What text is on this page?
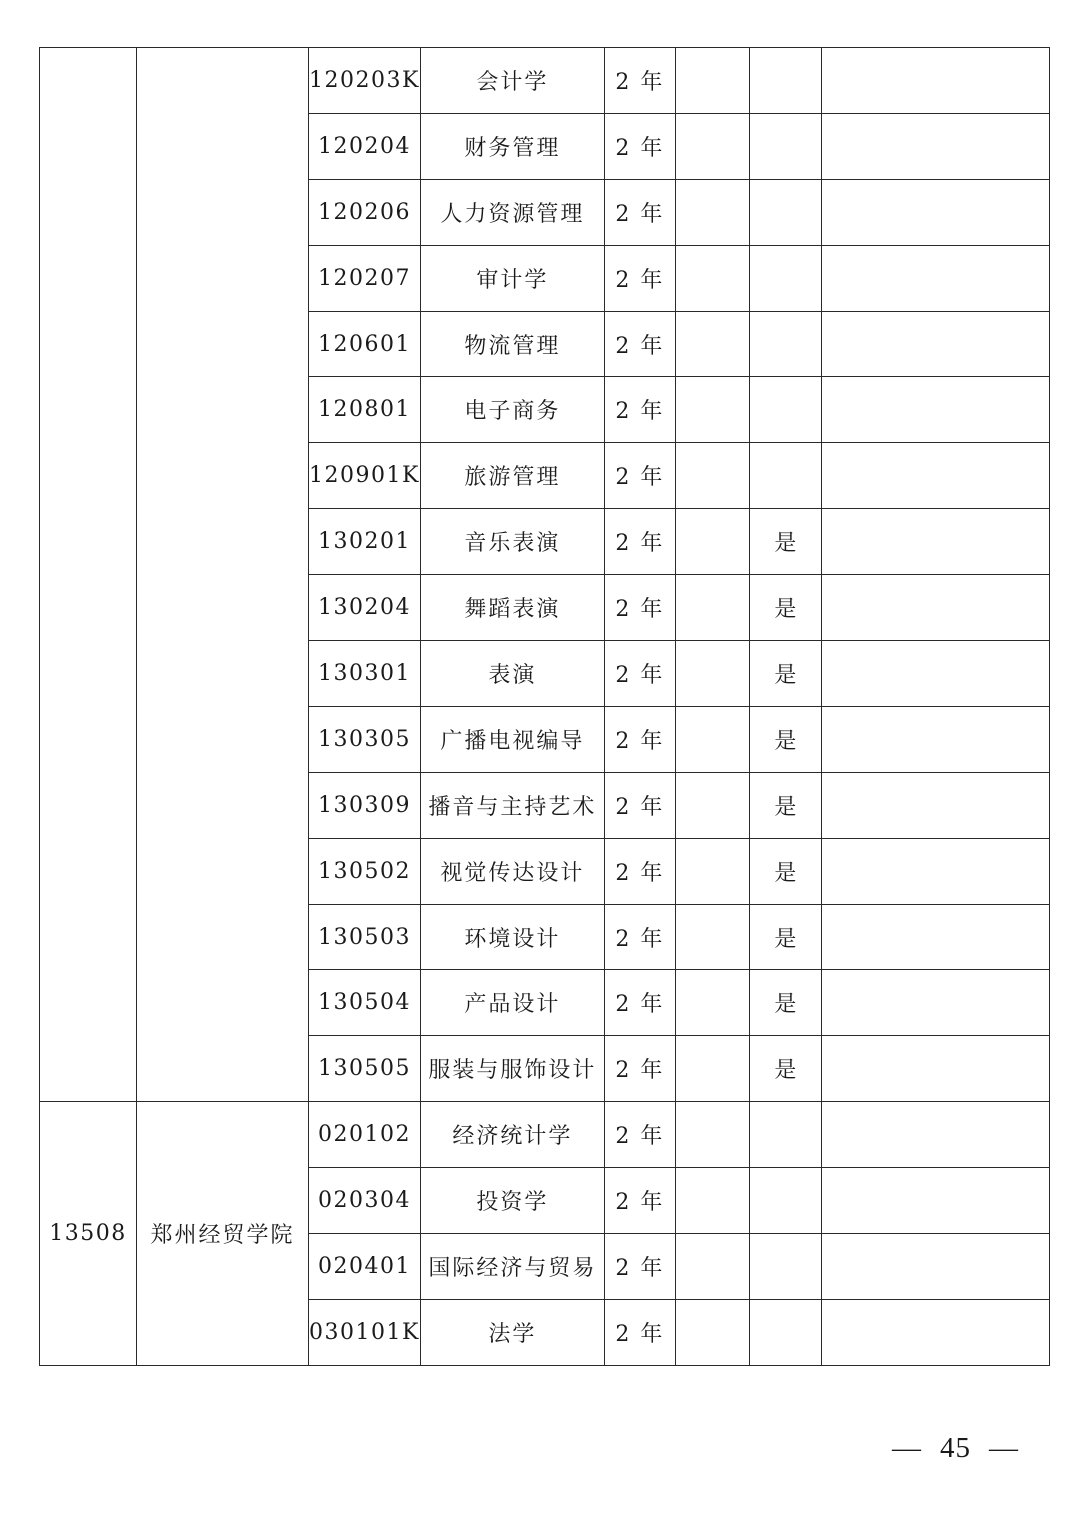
		120203K	会计学	2 年			
		120204	财务管理	2 年			
		120206	人力资源管理	2 年			
		120207	审计学	2 年			
		120601	物流管理	2 年			
		120801	电子商务	2 年			
		120901K	旅游管理	2 年			
		130201	音乐表演	2 年		是	
		130204	舞蹈表演	2 年		是	
		130301	表演	2 年		是	
		130305	广播电视编导	2 年		是	
		130309	播音与主持艺术	2 年		是	
		130502	视觉传达设计	2 年		是	
		130503	环境设计	2 年		是	
		130504	产品设计	2 年		是	
		130505	服装与服饰设计	2 年		是	
13508	郑州经贸学院	020102	经济统计学	2 年			
		020304	投资学	2 年			
		020401	国际经济与贸易	2 年			
		030101K	法学	2 年			
— 45 —
